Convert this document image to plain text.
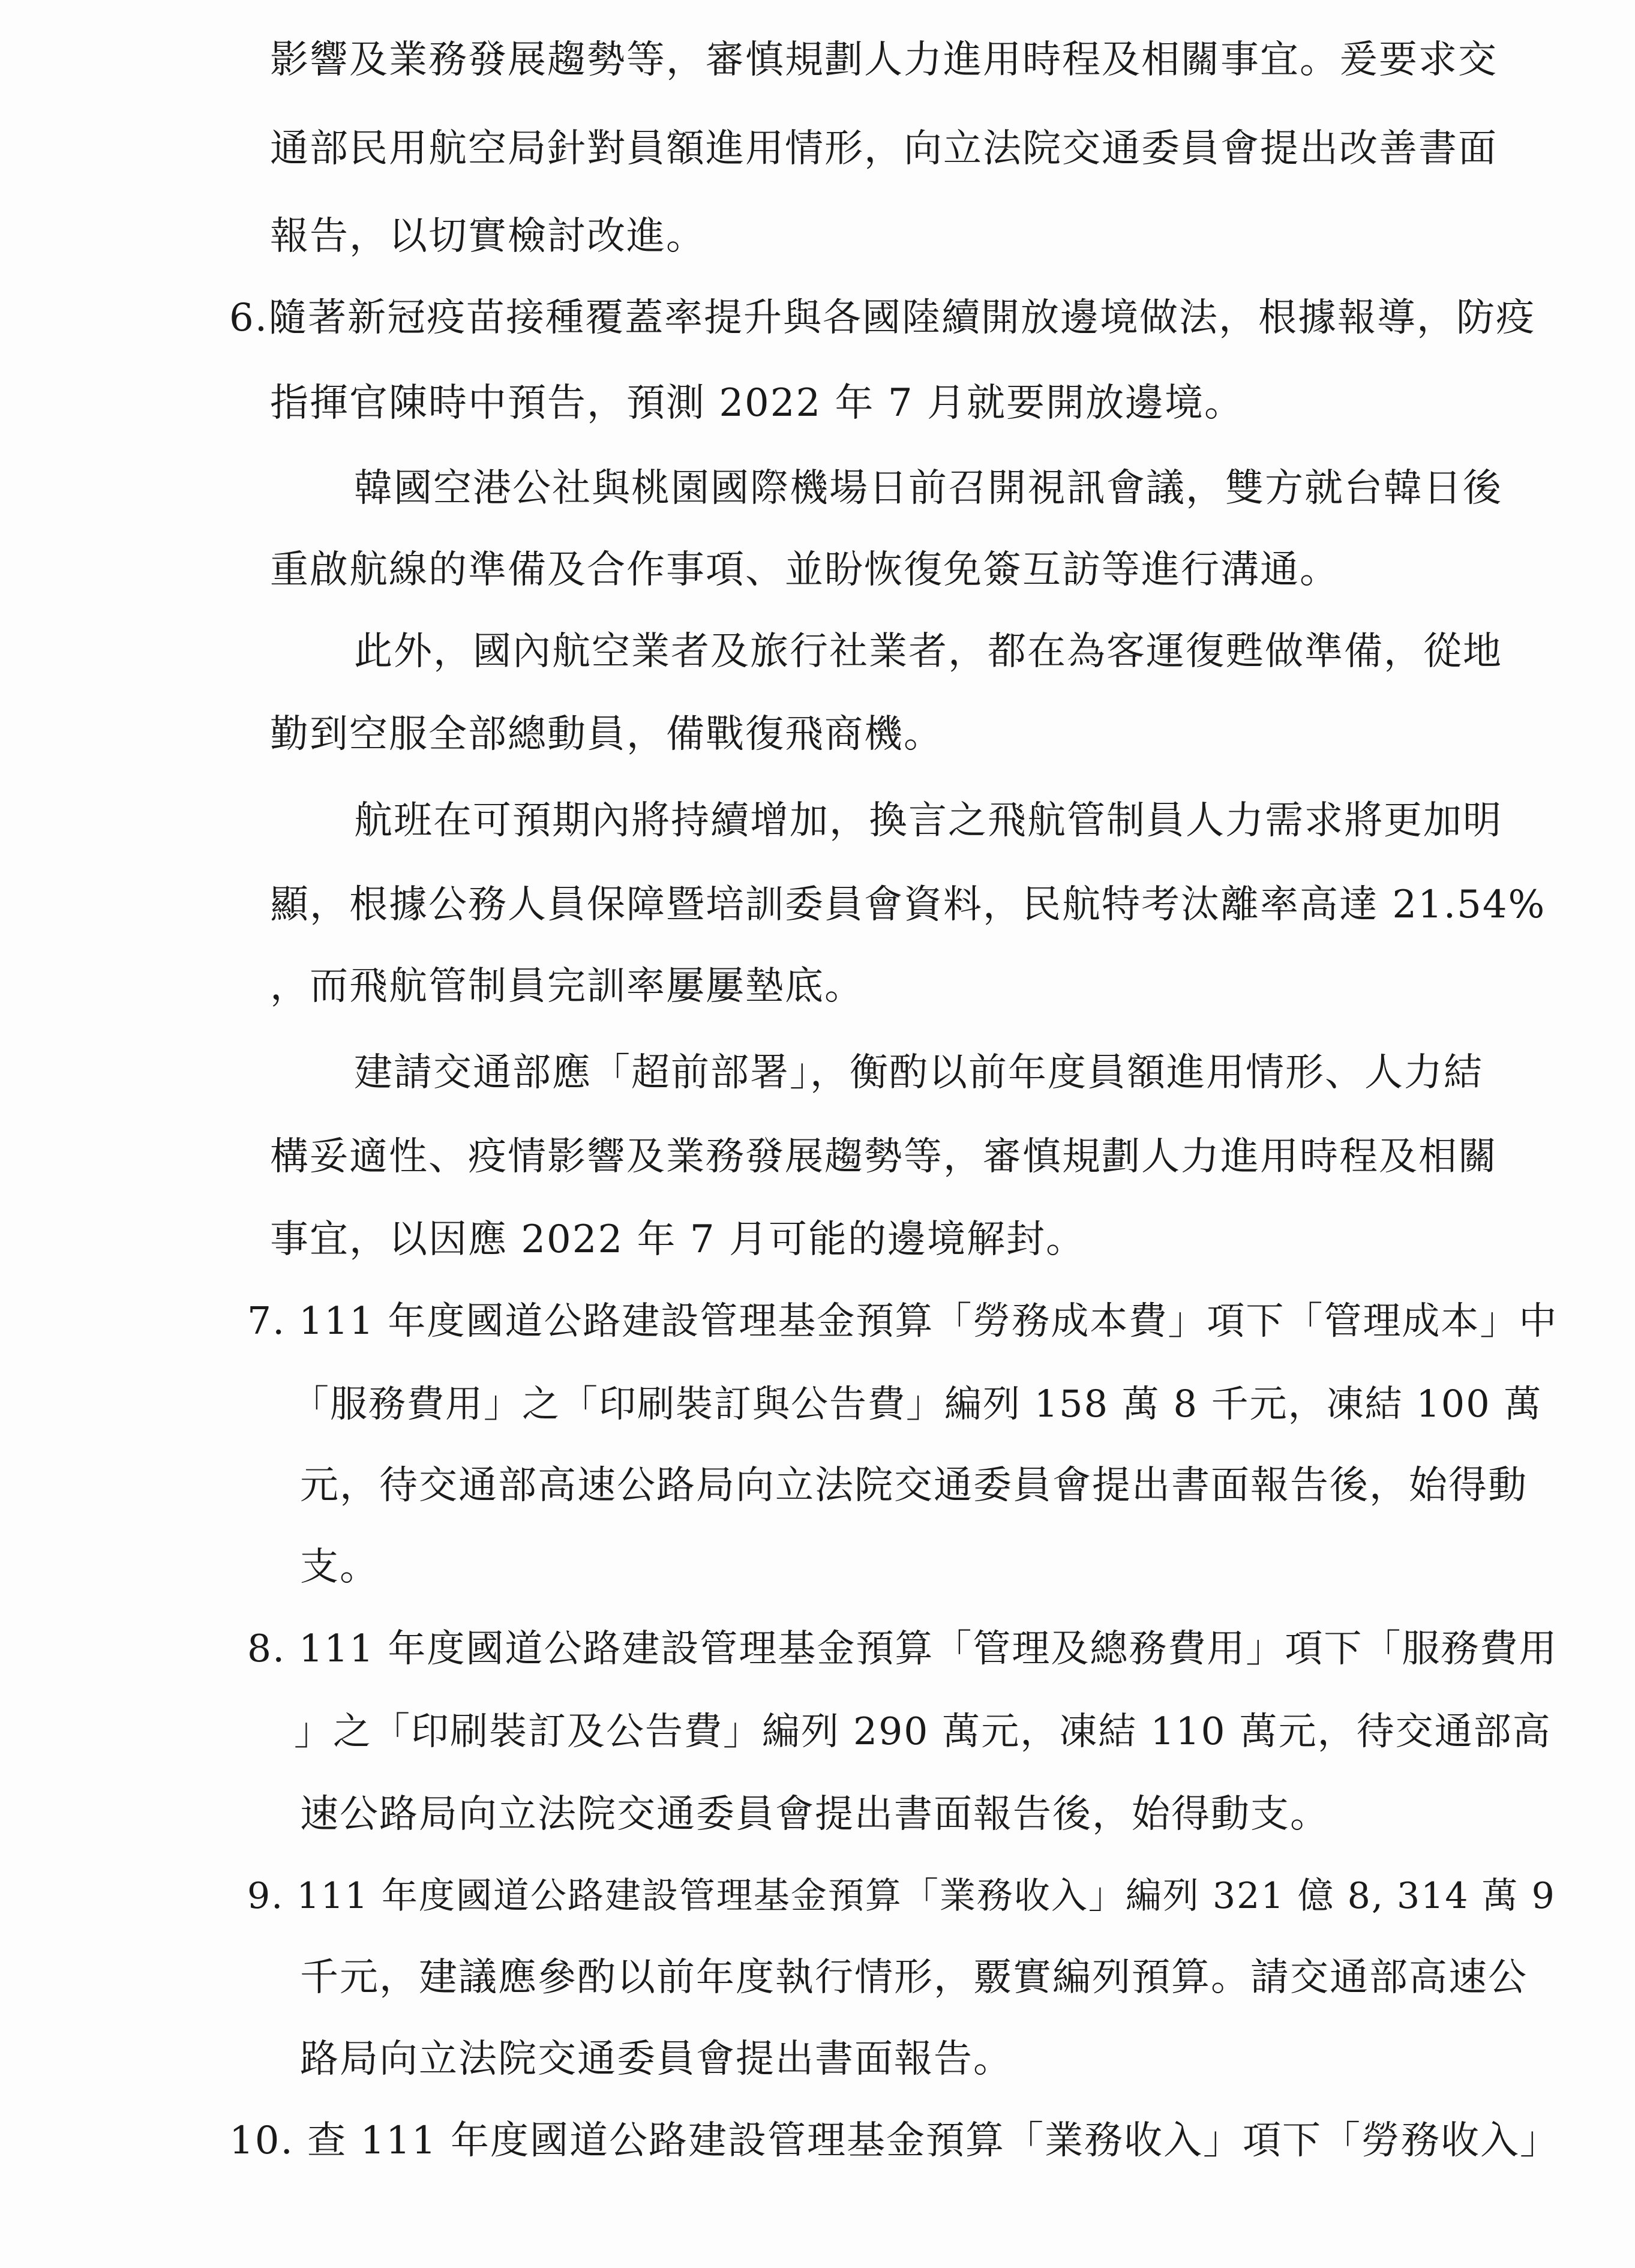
影響及業務發展趨勢等，審慎規劃人力進用時程及相關事宜。爰要求交
通部民用航空局針對員額進用情形，向立法院交通委員會提出改善書面
報告，以切實檢討改進。
6.隨著新冠疫苗接種覆蓋率提升與各國陸續開放邊境做法，根據報導，防疫
指揮官陳時中預告，預測 2022 年 7 月就要開放邊境。
韓國空港公社與桃園國際機場日前召開視訊會議，雙方就台韓日後
重啟航線的準備及合作事項、並盼恢復免簽互訪等進行溝通。
此外，國內航空業者及旅行社業者，都在為客運復甦做準備，從地
勤到空服全部總動員，備戰復飛商機。
航班在可預期內將持續增加，換言之飛航管制員人力需求將更加明
顯，根據公務人員保障暨培訓委員會資料，民航特考汰離率高達 21.54%
，而飛航管制員完訓率屢屢墊底。
建請交通部應「超前部署」，衡酌以前年度員額進用情形、人力結
構妥適性、疫情影響及業務發展趨勢等，審慎規劃人力進用時程及相關
事宜，以因應 2022 年 7 月可能的邊境解封。
7. 111 年度國道公路建設管理基金預算「勞務成本費」項下「管理成本」中
「服務費用」之「印刷裝訂與公告費」編列 158 萬 8 千元，凍結 100 萬
元，待交通部高速公路局向立法院交通委員會提出書面報告後，始得動
支。
8. 111 年度國道公路建設管理基金預算「管理及總務費用」項下「服務費用
」之「印刷裝訂及公告費」編列 290 萬元，凍結 110 萬元，待交通部高
速公路局向立法院交通委員會提出書面報告後，始得動支。
9. 111 年度國道公路建設管理基金預算「業務收入」編列 321 億 8, 314 萬 9
千元，建議應參酌以前年度執行情形，覈實編列預算。請交通部高速公
路局向立法院交通委員會提出書面報告。
10. 查 111 年度國道公路建設管理基金預算「業務收入」項下「勞務收入」
